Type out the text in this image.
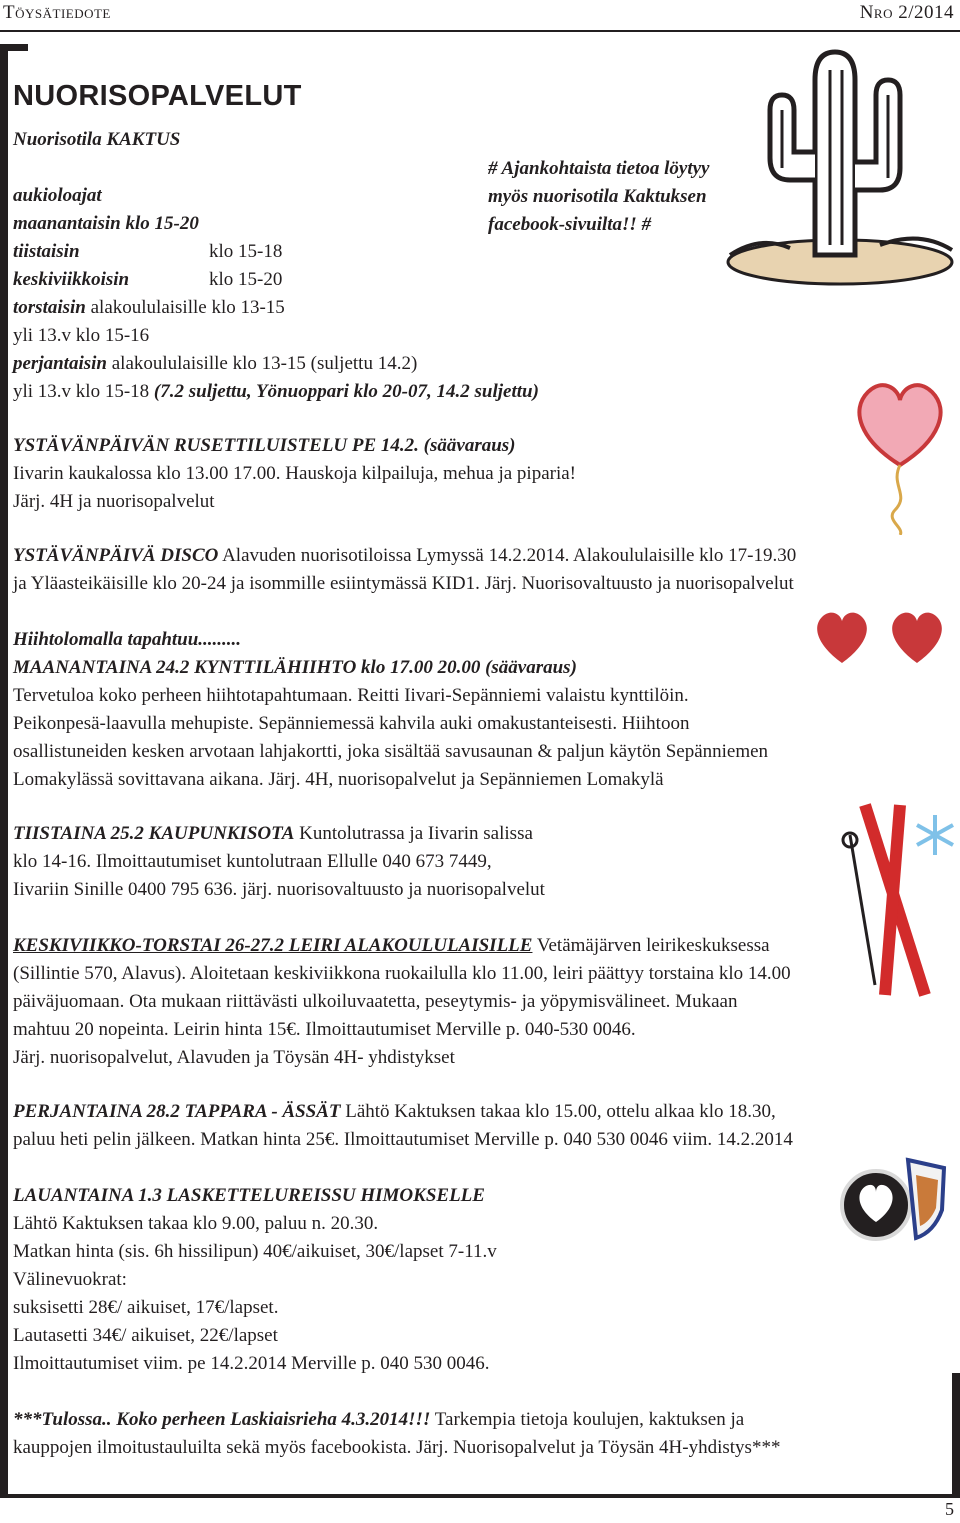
Töysätiedote	Nro 2/2014
NUORISOPALVELUT
Nuorisotila KAKTUS
# Ajankohtaista tietoa löytyy
myös nuorisotila Kaktuksen
facebook-sivuilta!! #
aukioloajat
maanantaisin klo 15-20
tiistaisin	klo 15-18
keskiviikkoisin	klo 15-20
torstaisin alakoululaisille klo 13-15
yli 13.v klo 15-16
perjantaisin alakoululaisille klo 13-15 (suljettu 14.2)
yli 13.v klo 15-18 (7.2 suljettu, Yönuoppari klo 20-07, 14.2 suljettu)
YSTÄVÄNPÄIVÄN RUSETTILUISTELU PE 14.2. (säävaraus)
Iivarin kaukalossa klo 13.00 17.00. Hauskoja kilpailuja, mehua ja piparia!
Järj. 4H ja nuorisopalvelut
YSTÄVÄNPÄIVÄ DISCO Alavuden nuorisotiloissa Lymyssä 14.2.2014. Alakoululaisille klo 17-19.30
ja Yläasteikäisille klo 20-24 ja isommille esiintymässä KID1. Järj. Nuorisovaltuusto ja nuorisopalvelut
Hiihtolomalla tapahtuu.........
MAANANTAINA 24.2 KYNTTILÄHIIHTO klo 17.00 20.00 (säävaraus)
Tervetuloa koko perheen hiihtotapahtumaan. Reitti Iivari-Sepänniemi valaistu kynttilöin.
Peikonpesä-laavulla mehupiste. Sepänniemessä kahvila auki omakustanteisesti. Hiihtoon
osallistuneiden kesken arvotaan lahjakortti, joka sisältää savusaunan & paljun käytön Sepänniemen
Lomakylässä sovittavana aikana. Järj. 4H, nuorisopalvelut ja Sepänniemen Lomakylä
TIISTAINA 25.2 KAUPUNKISOTA Kuntolutrassa ja Iivarin salissa
klo 14-16. Ilmoittautumiset kuntolutraan Ellulle 040 673 7449,
Iivariin Sinille 0400 795 636. järj. nuorisovaltuusto ja nuorisopalvelut
KESKIVIIKKO-TORSTAI 26-27.2 LEIRI ALAKOULULAISILLE Vetämäjärven leirikeskuksessa
(Sillintie 570, Alavus). Aloitetaan keskiviikkona ruokailulla klo 11.00, leiri päättyy torstaina klo 14.00
päiväjuomaan. Ota mukaan riittävästi ulkoiluvaatetta, peseytymis- ja yöpymisvälineet. Mukaan
mahtuu 20 nopeinta. Leirin hinta 15€. Ilmoittautumiset Merville p. 040-530 0046.
Järj. nuorisopalvelut, Alavuden ja Töysän 4H- yhdistykset
PERJANTAINA 28.2 TAPPARA - ÄSSÄT Lähtö Kaktuksen takaa klo 15.00, ottelu alkaa klo 18.30,
paluu heti pelin jälkeen. Matkan hinta 25€. Ilmoittautumiset Merville p. 040 530 0046 viim. 14.2.2014
LAUANTAINA 1.3 LASKETTELUREISSU HIMOKSELLE
Lähtö Kaktuksen takaa klo 9.00, paluu n. 20.30.
Matkan hinta (sis. 6h hissilipun) 40€/aikuiset, 30€/lapset 7-11.v
Välinevuokrat:
suksisetti 28€/ aikuiset, 17€/lapset.
Lautasetti 34€/ aikuiset, 22€/lapset
Ilmoittautumiset viim. pe 14.2.2014 Merville p. 040 530 0046.
***Tulossa.. Koko perheen Laskiaisrieha 4.3.2014!!! Tarkempia tietoja koulujen, kaktuksen ja
kauppojen ilmoitustauluilta sekä myös facebookista. Järj. Nuorisopalvelut ja Töysän 4H-yhdistys***
5
